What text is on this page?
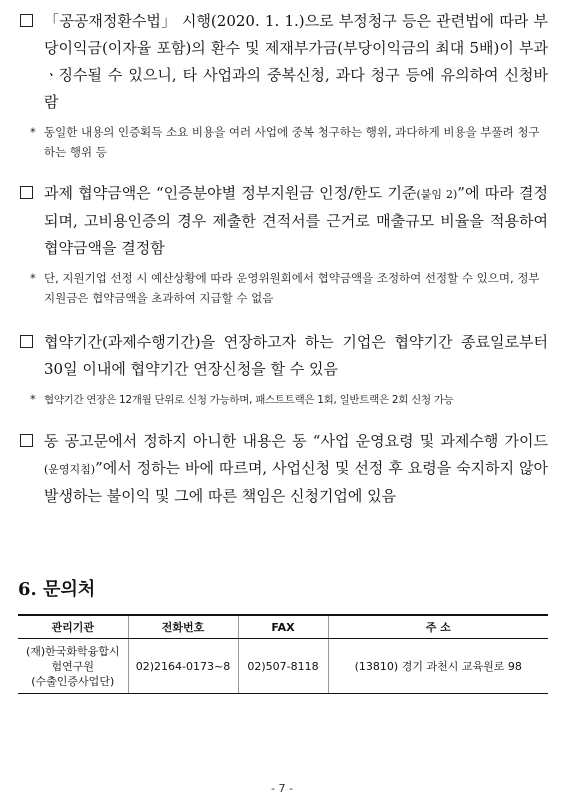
「공공재정환수법」 시행(2020. 1. 1.)으로 부정청구 등은 관련법에 따라 부당이익금(이자율 포함)의 환수 및 제재부가금(부당이익금의 최대 5배)이 부과ㆍ징수될 수 있으니, 타 사업과의 중복신청, 과다 청구 등에 유의하여 신청바람
* 동일한 내용의 인증획득 소요 비용을 여러 사업에 중복 청구하는 행위, 과다하게 비용을 부풀려 청구하는 행위 등
과제 협약금액은 “인증분야별 정부지원금 인정/한도 기준(붙임 2)”에 따라 결정되며, 고비용인증의 경우 제출한 견적서를 근거로 매출규모 비율을 적용하여 협약금액을 결정함
* 단, 지원기업 선정 시 예산상황에 따라 운영위원회에서 협약금액을 조정하여 선정할 수 있으며, 정부지원금은 협약금액을 초과하여 지급할 수 없음
협약기간(과제수행기간)을 연장하고자 하는 기업은 협약기간 종료일로부터 30일 이내에 협약기간 연장신청을 할 수 있음
* 협약기간 연장은 12개월 단위로 신청 가능하며, 패스트트랙은 1회, 일반트랙은 2회 신청 가능
동 공고문에서 정하지 아니한 내용은 동 “사업 운영요령 및 과제수행 가이드(운영지침)”에서 정하는 바에 따르며, 사업신청 및 선정 후 요령을 숙지하지 않아 발생하는 불이익 및 그에 따른 책임은 신청기업에 있음
6. 문의처
관리기관	전화번호	FAX	주 소

(재)한국화학융합시
험연구원
(수출인증사업단)	02)2164-0173~8	02)507-8118	(13810) 경기 과천시 교육원로 98
- 7 -
